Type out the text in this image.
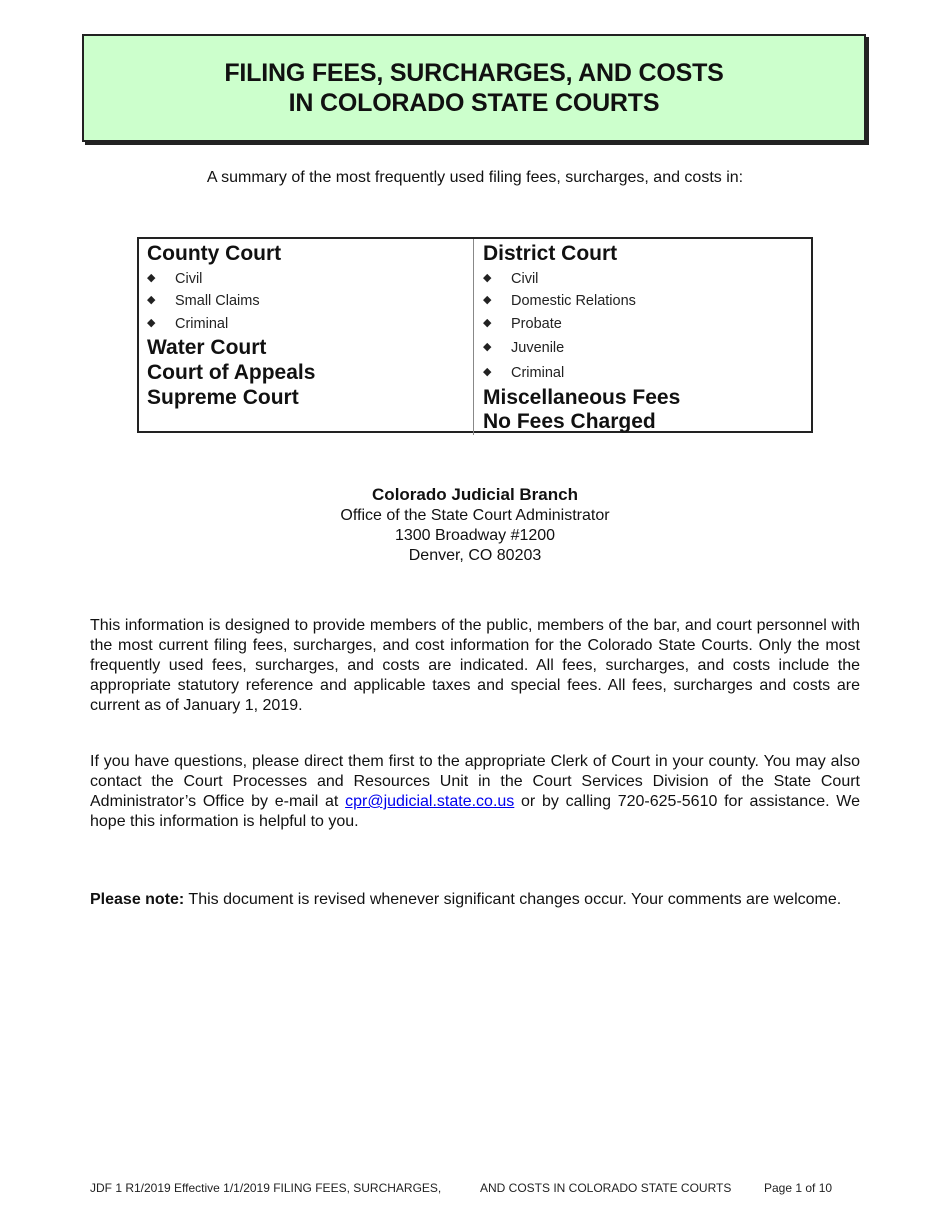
FILING FEES, SURCHARGES, AND COSTS
IN COLORADO STATE COURTS
A summary of the most frequently used filing fees, surcharges, and costs in:
County Court
◆ Civil
◆ Small Claims
◆ Criminal
Water Court
Court of Appeals
Supreme Court
District Court
◆ Civil
◆ Domestic Relations
◆ Probate
◆ Juvenile
◆ Criminal
Miscellaneous Fees
No Fees Charged
Colorado Judicial Branch
Office of the State Court Administrator
1300 Broadway #1200
Denver, CO 80203
This information is designed to provide members of the public, members of the bar, and court personnel with the most current filing fees, surcharges, and cost information for the Colorado State Courts. Only the most frequently used fees, surcharges, and costs are indicated. All fees, surcharges, and costs include the appropriate statutory reference and applicable taxes and special fees. All fees, surcharges and costs are current as of January 1, 2019.
If you have questions, please direct them first to the appropriate Clerk of Court in your county. You may also contact the Court Processes and Resources Unit in the Court Services Division of the State Court Administrator’s Office by e-mail at cpr@judicial.state.co.us or by calling 720-625-5610 for assistance. We hope this information is helpful to you.
Please note: This document is revised whenever significant changes occur. Your comments are welcome.
JDF 1 R1/2019 Effective 1/1/2019 FILING FEES, SURCHARGES,	AND COSTS IN COLORADO STATE COURTS	Page 1 of 10
